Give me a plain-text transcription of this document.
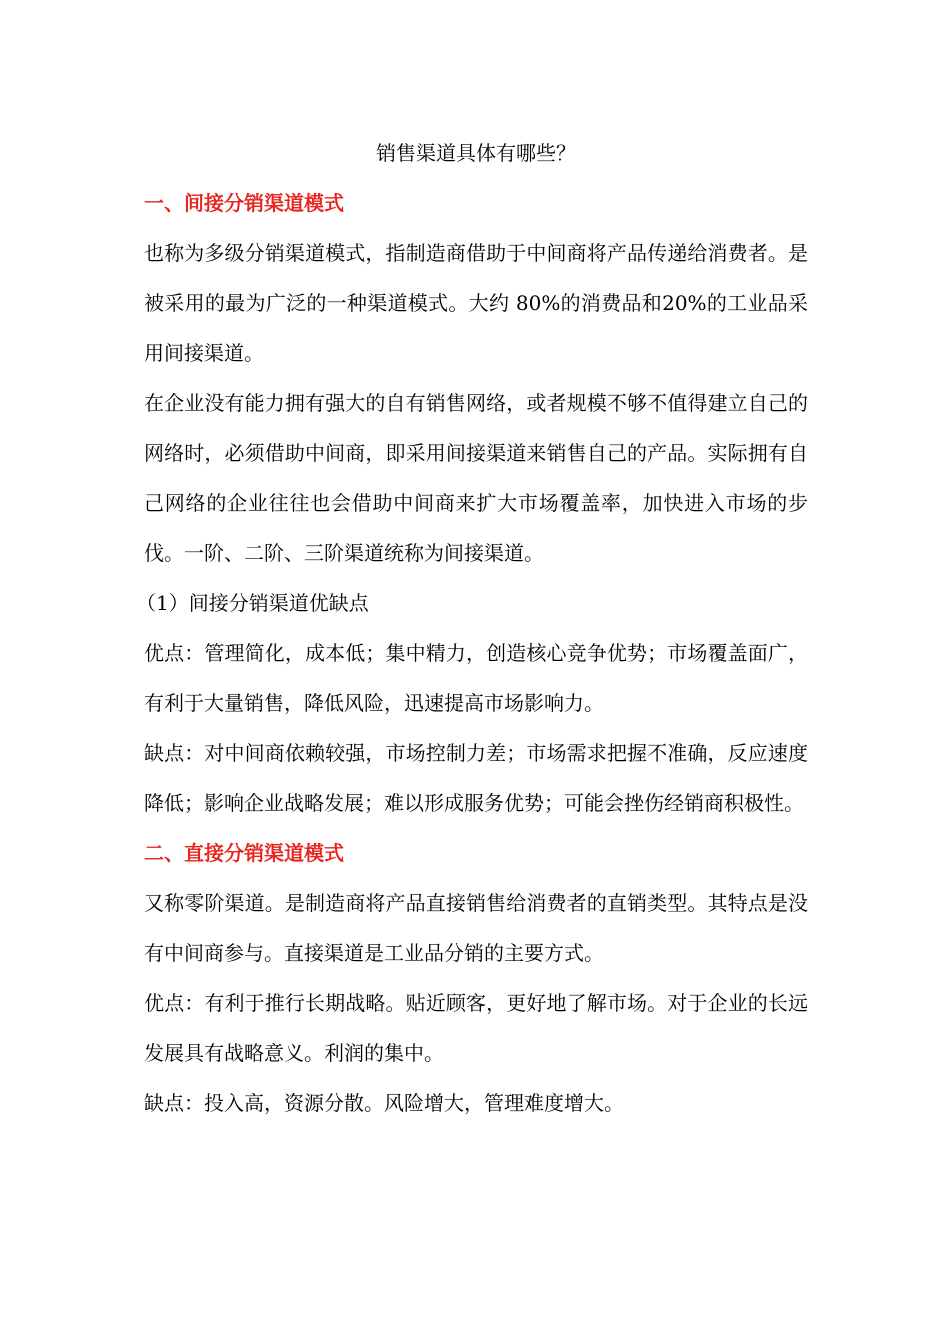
销售渠道具体有哪些？

一、间接分销渠道模式

也称为多级分销渠道模式，指制造商借助于中间商将产品传递给消费者。是被采用的最为广泛的一种渠道模式。大约 80%的消费品和20%的工业品采用间接渠道。

在企业没有能力拥有强大的自有销售网络，或者规模不够不值得建立自己的网络时，必须借助中间商，即采用间接渠道来销售自己的产品。实际拥有自己网络的企业往往也会借助中间商来扩大市场覆盖率，加快进入市场的步伐。一阶、二阶、三阶渠道统称为间接渠道。

（1）间接分销渠道优缺点

优点：管理简化，成本低；集中精力，创造核心竞争优势；市场覆盖面广，有利于大量销售，降低风险，迅速提高市场影响力。

缺点：对中间商依赖较强，市场控制力差；市场需求把握不准确，反应速度降低；影响企业战略发展；难以形成服务优势；可能会挫伤经销商积极性。

二、直接分销渠道模式

又称零阶渠道。是制造商将产品直接销售给消费者的直销类型。其特点是没有中间商参与。直接渠道是工业品分销的主要方式。

优点：有利于推行长期战略。贴近顾客，更好地了解市场。对于企业的长远发展具有战略意义。利润的集中。

缺点：投入高，资源分散。风险增大，管理难度增大。
